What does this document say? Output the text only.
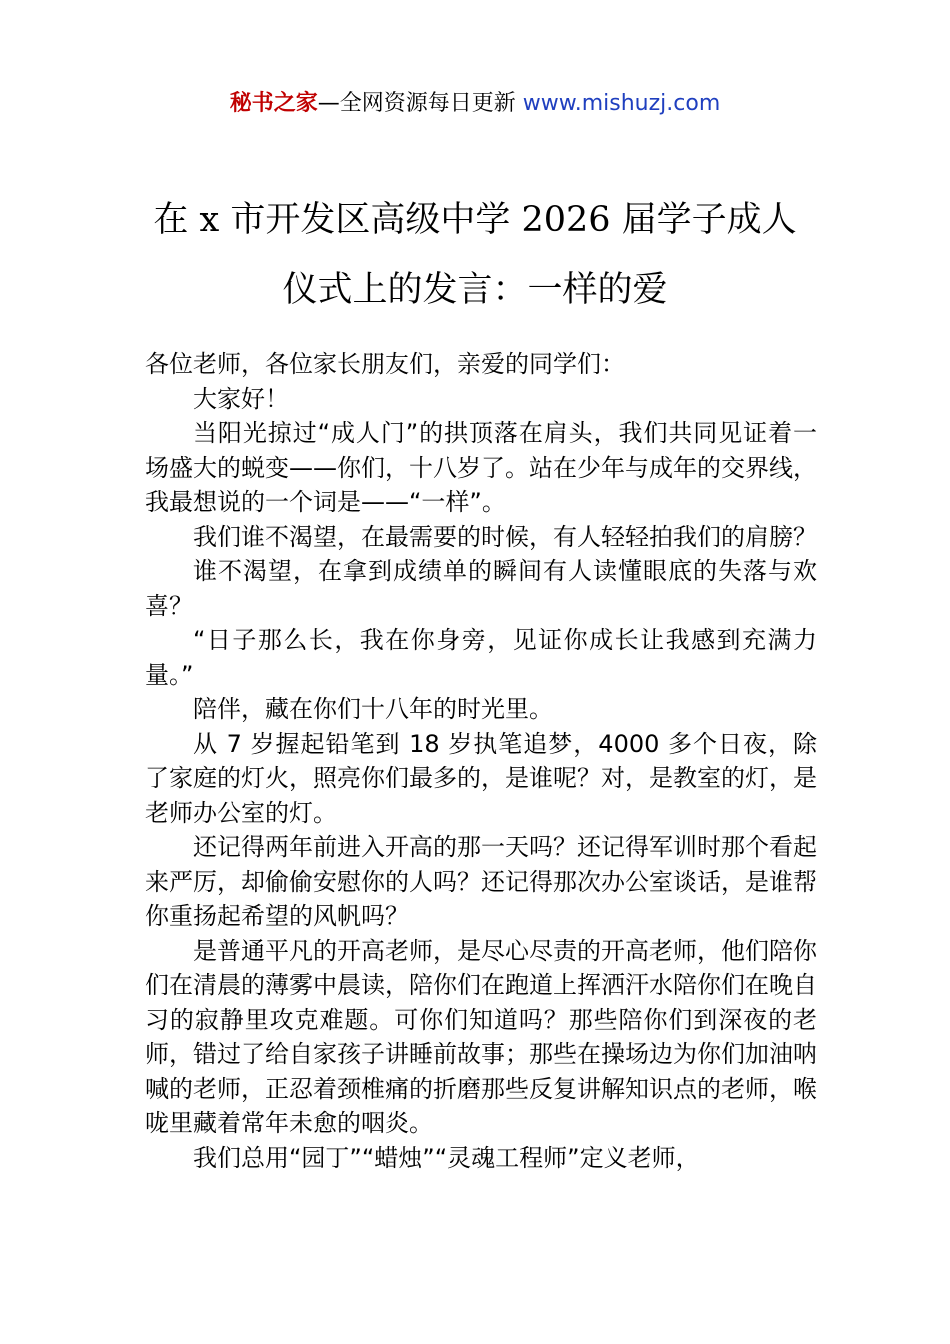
秘书之家—全网资源每日更新 www.mishuzj.com
在 x 市开发区高级中学 2026 届学子成人
仪式上的发言：一样的爱

各位老师，各位家长朋友们，亲爱的同学们：

大家好！

当阳光掠过“成人门”的拱顶落在肩头，我们共同见证着一场盛大的蜕变——你们，十八岁了。站在少年与成年的交界线，我最想说的一个词是——“一样”。

我们谁不渴望，在最需要的时候，有人轻轻拍我们的肩膀？

谁不渴望，在拿到成绩单的瞬间有人读懂眼底的失落与欢喜？

“日子那么长，我在你身旁，见证你成长让我感到充满力量。”

陪伴，藏在你们十八年的时光里。

从 7 岁握起铅笔到 18 岁执笔追梦，4000 多个日夜，除了家庭的灯火，照亮你们最多的，是谁呢？对，是教室的灯，是老师办公室的灯。

还记得两年前进入开高的那一天吗？还记得军训时那个看起来严厉，却偷偷安慰你的人吗？还记得那次办公室谈话，是谁帮你重扬起希望的风帆吗？

是普通平凡的开高老师，是尽心尽责的开高老师，他们陪你们在清晨的薄雾中晨读，陪你们在跑道上挥洒汗水陪你们在晚自习的寂静里攻克难题。可你们知道吗？那些陪你们到深夜的老师，错过了给自家孩子讲睡前故事；那些在操场边为你们加油呐喊的老师，正忍着颈椎痛的折磨那些反复讲解知识点的老师，喉咙里藏着常年未愈的咽炎。

我们总用“园丁”“蜡烛”“灵魂工程师”定义老师，
